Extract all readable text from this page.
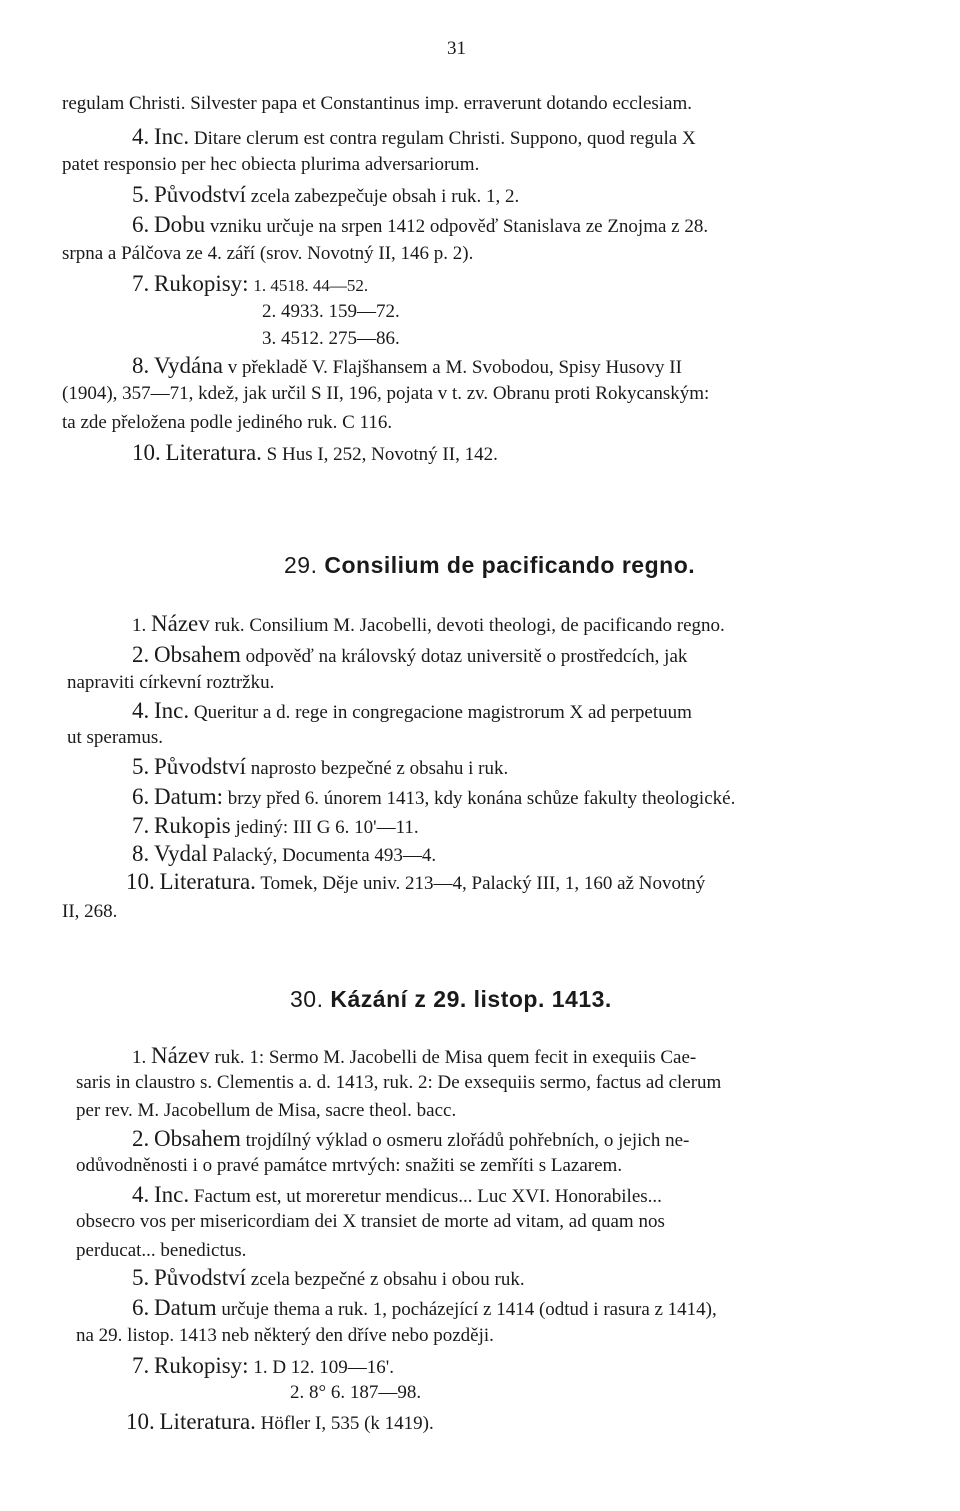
31
regulam Christi. Silvester papa et Constantinus imp. erraverunt dotando ecclesiam.
4. Inc. Ditare clerum est contra regulam Christi. Suppono, quod regula X
patet responsio per hec obiecta plurima adversariorum.
5. Původství zcela zabezpečuje obsah i ruk. 1, 2.
6. Dobu vzniku určuje na srpen 1412 odpověď Stanislava ze Znojma z 28.
srpna a Pálčova ze 4. září (srov. Novotný II, 146 p. 2).
7. Rukopisy: 1. 4518. 44—52.
2. 4933. 159—72.
3. 4512. 275—86.
8. Vydána v překladě V. Flajšhansem a M. Svobodou, Spisy Husovy II
(1904), 357—71, kdež, jak určil S II, 196, pojata v t. zv. Obranu proti Rokycanským:
ta zde přeložena podle jediného ruk. C 116.
10. Literatura. S Hus I, 252, Novotný II, 142.
29. Consilium de pacificando regno.
1. Název ruk. Consilium M. Jacobelli, devoti theologi, de pacificando regno.
2. Obsahem odpověď na královský dotaz universitě o prostředcích, jak
napraviti církevní roztržku.
4. Inc. Queritur a d. rege in congregacione magistrorum X ad perpetuum
ut speramus.
5. Původství naprosto bezpečné z obsahu i ruk.
6. Datum: brzy před 6. únorem 1413, kdy konána schůze fakulty theologické.
7. Rukopis jediný: III G 6. 10'—11.
8. Vydal Palacký, Documenta 493—4.
10. Literatura. Tomek, Děje univ. 213—4, Palacký III, 1, 160 až Novotný
II, 268.
30. Kázání z 29. listop. 1413.
1. Název ruk. 1: Sermo M. Jacobelli de Misa quem fecit in exequiis Cae-
saris in claustro s. Clementis a. d. 1413, ruk. 2: De exsequiis sermo, factus ad clerum
per rev. M. Jacobellum de Misa, sacre theol. bacc.
2. Obsahem trojdílný výklad o osmeru zlořádů pohřebních, o jejich ne-
odůvodněnosti i o pravé památce mrtvých: snažiti se zemříti s Lazarem.
4. Inc. Factum est, ut moreretur mendicus... Luc XVI. Honorabiles...
obsecro vos per misericordiam dei X transiet de morte ad vitam, ad quam nos
perducat... benedictus.
5. Původství zcela bezpečné z obsahu i obou ruk.
6. Datum určuje thema a ruk. 1, pocházející z 1414 (odtud i rasura z 1414),
na 29. listop. 1413 neb některý den dříve nebo později.
7. Rukopisy: 1. D 12. 109—16'.
2. 8° 6. 187—98.
10. Literatura. Höfler I, 535 (k 1419).
